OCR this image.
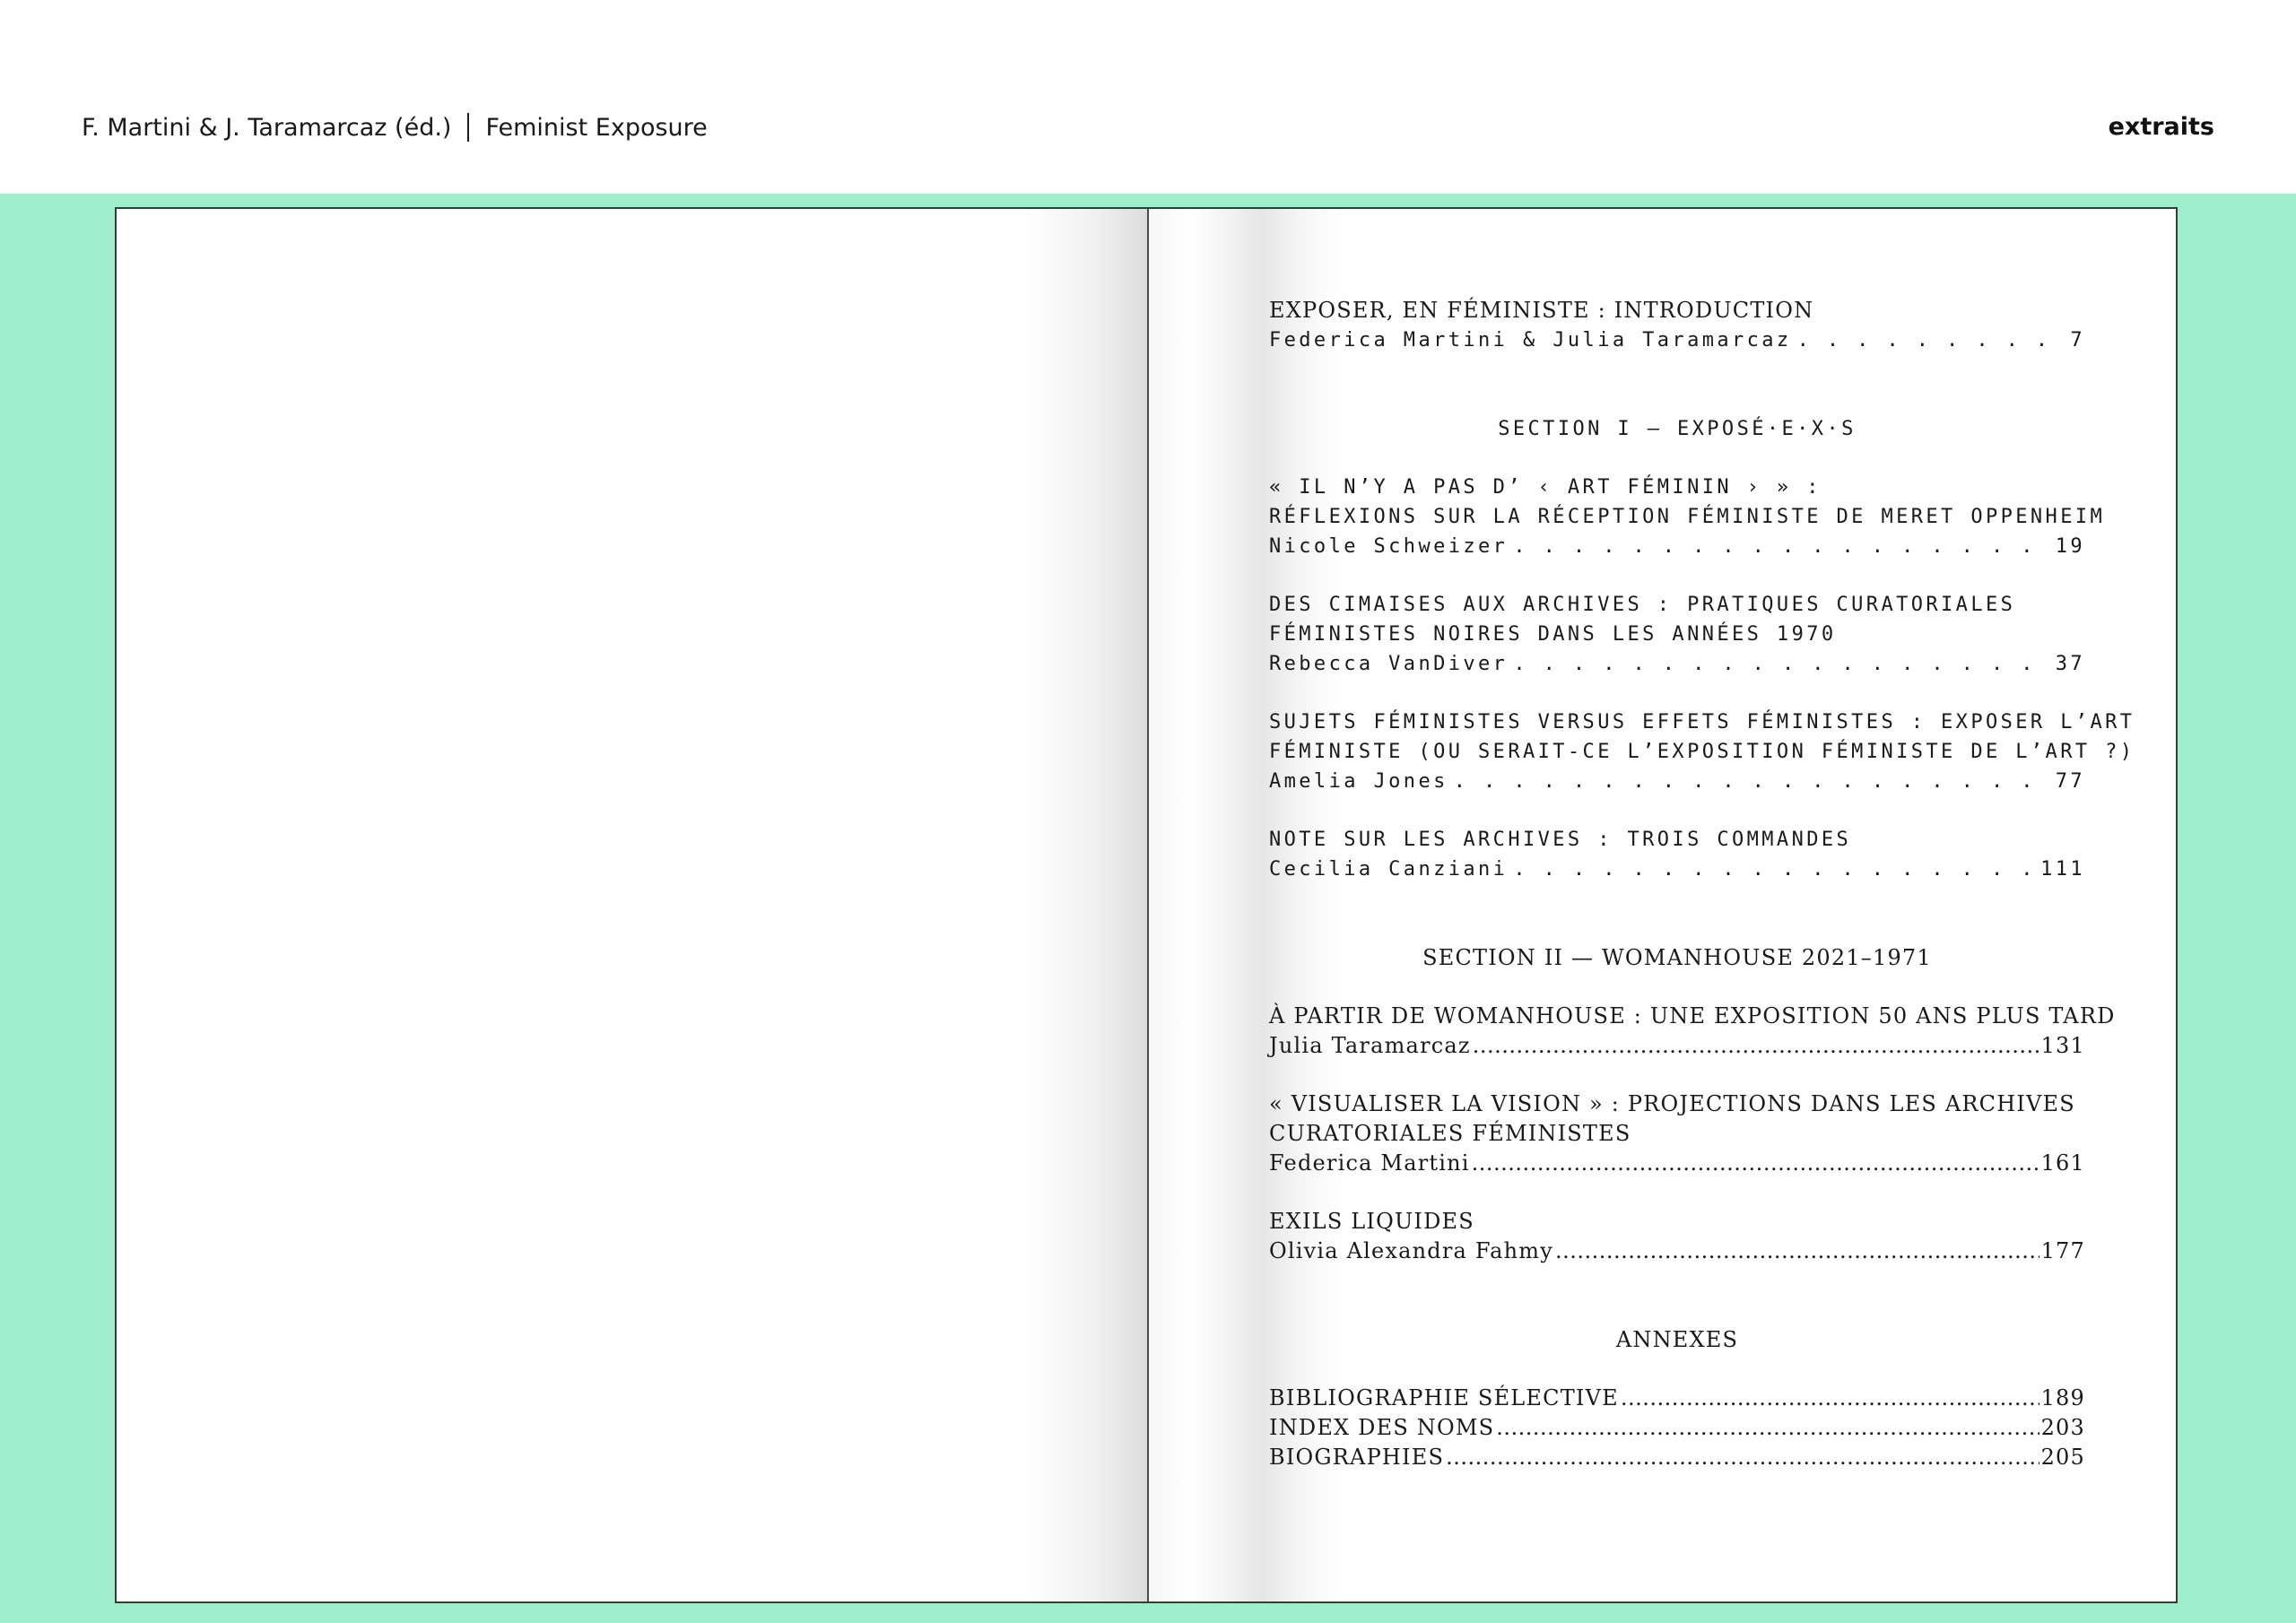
F. Martini & J. Taramarcaz (éd.) Feminist Exposure	extraits
EXPOSER, EN FÉMINISTE : INTRODUCTION
Federica Martini & Julia Taramarcaz . . .	7
SECTION I — EXPOSÉ·E·X·S
« IL N’Y A PAS D’ ‹ ART FÉMININ › » :
RÉFLEXIONS SUR LA RÉCEPTION FÉMINISTE DE MERET OPPENHEIM
Nicole Schweizer . . .	19
DES CIMAISES AUX ARCHIVES : PRATIQUES CURATORIALES
FÉMINISTES NOIRES DANS LES ANNÉES 1970
Rebecca VanDiver . . .	37
SUJETS FÉMINISTES VERSUS EFFETS FÉMINISTES : EXPOSER L’ART
FÉMINISTE (OU SERAIT-CE L’EXPOSITION FÉMINISTE DE L’ART ?)
Amelia Jones . . .	77
NOTE SUR LES ARCHIVES : TROIS COMMANDES
Cecilia Canziani . . .	111
SECTION II — WOMANHOUSE 2021–1971
À PARTIR DE WOMANHOUSE : UNE EXPOSITION 50 ANS PLUS TARD
Julia Taramarcaz .....	131
« VISUALISER LA VISION » : PROJECTIONS DANS LES ARCHIVES
CURATORIALES FÉMINISTES
Federica Martini .....	161
EXILS LIQUIDES
Olivia Alexandra Fahmy .....	177
ANNEXES
BIBLIOGRAPHIE SÉLECTIVE .....	189
INDEX DES NOMS .....	203
BIOGRAPHIES .....	205
